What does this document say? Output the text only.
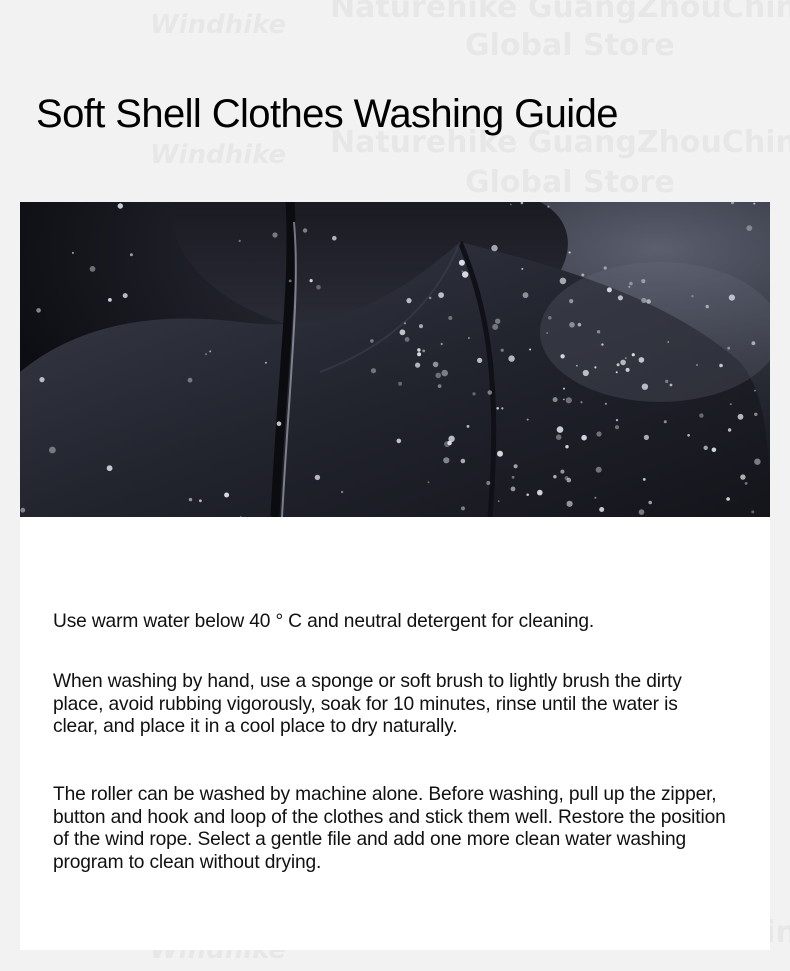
Soft Shell Clothes Washing Guide

Use warm water below 40 ° C and neutral detergent for cleaning.

When washing by hand, use a sponge or soft brush to lightly brush the dirty place, avoid rubbing vigorously, soak for 10 minutes, rinse until the water is clear, and place it in a cool place to dry naturally.

The roller can be washed by machine alone. Before washing, pull up the zipper, button and hook and loop of the clothes and stick them well. Restore the position of the wind rope. Select a gentle file and add one more clean water washing program to clean without drying.
